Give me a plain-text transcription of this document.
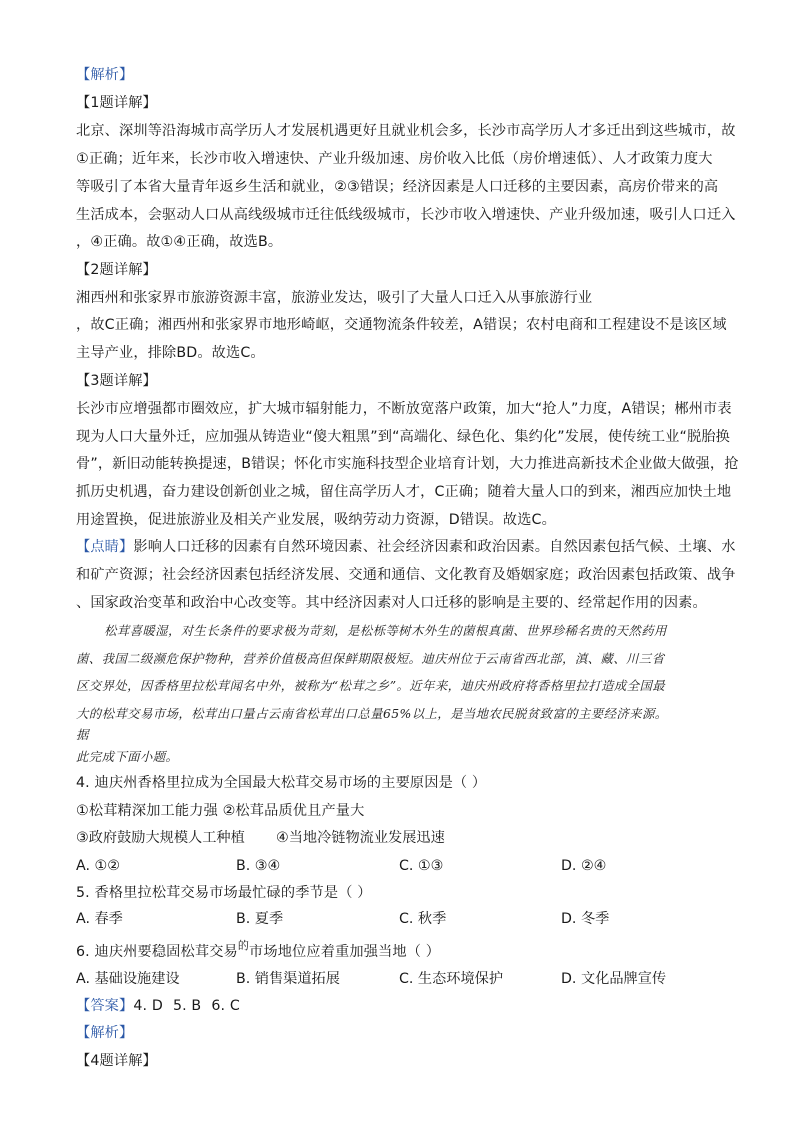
【解析】
【1题详解】
北京、深圳等沿海城市高学历人才发展机遇更好且就业机会多，长沙市高学历人才多迁出到这些城市，故
①正确；近年来，长沙市收入增速快、产业升级加速、房价收入比低（房价增速低）、人才政策力度大
等吸引了本省大量青年返乡生活和就业，②③错误；经济因素是人口迁移的主要因素，高房价带来的高
生活成本，会驱动人口从高线级城市迁往低线级城市，长沙市收入增速快、产业升级加速，吸引人口迁入
，④正确。故①④正确，故选B。
【2题详解】
湘西州和张家界市旅游资源丰富，旅游业发达，吸引了大量人口迁入从事旅游行业
，故C正确；湘西州和张家界市地形崎岖，交通物流条件较差，A错误；农村电商和工程建设不是该区域
主导产业，排除BD。故选C。
【3题详解】
长沙市应增强都市圈效应，扩大城市辐射能力，不断放宽落户政策，加大“抢人”力度，A错误；郴州市表
现为人口大量外迁，应加强从铸造业“傻大粗黑”到“高端化、绿色化、集约化”发展，使传统工业“脱胎换
骨”，新旧动能转换提速，B错误；怀化市实施科技型企业培育计划，大力推进高新技术企业做大做强，抢
抓历史机遇，奋力建设创新创业之城，留住高学历人才，C正确；随着大量人口的到来，湘西应加快土地
用途置换，促进旅游业及相关产业发展，吸纳劳动力资源，D错误。故选C。
【点睛】影响人口迁移的因素有自然环境因素、社会经济因素和政治因素。自然因素包括气候、土壤、水
和矿产资源；社会经济因素包括经济发展、交通和通信、文化教育及婚姻家庭；政治因素包括政策、战争
、国家政治变革和政治中心改变等。其中经济因素对人口迁移的影响是主要的、经常起作用的因素。
松茸喜暖湿，对生长条件的要求极为苛刻，是松栎等树木外生的菌根真菌、世界珍稀名贵的天然药用
菌、我国二级濒危保护物种，营养价值极高但保鲜期限极短。迪庆州位于云南省西北部，滇、藏、川三省
区交界处，因香格里拉松茸闻名中外，被称为“松茸之乡”。近年来，迪庆州政府将香格里拉打造成全国最
大的松茸交易市场，松茸出口量占云南省松茸出口总量65%以上，是当地农民脱贫致富的主要经济来源。
据
此完成下面小题。
4. 迪庆州香格里拉成为全国最大松茸交易市场的主要原因是（ ）
①松茸精深加工能力强 ②松茸品质优且产量大
③政府鼓励大规模人工种植 ④当地冷链物流业发展迅速
A. ①②	B. ③④	C. ①③	D. ②④
5. 香格里拉松茸交易市场最忙碌的季节是（ ）
A. 春季	B. 夏季	C. 秋季	D. 冬季
6. 迪庆州要稳固松茸交易$^的$市场地位应着重加强当地（ ）
A. 基础设施建设	B. 销售渠道拓展	C. 生态环境保护	D. 文化品牌宣传
【答案】4. D 5. B 6. C
【解析】
【4题详解】
